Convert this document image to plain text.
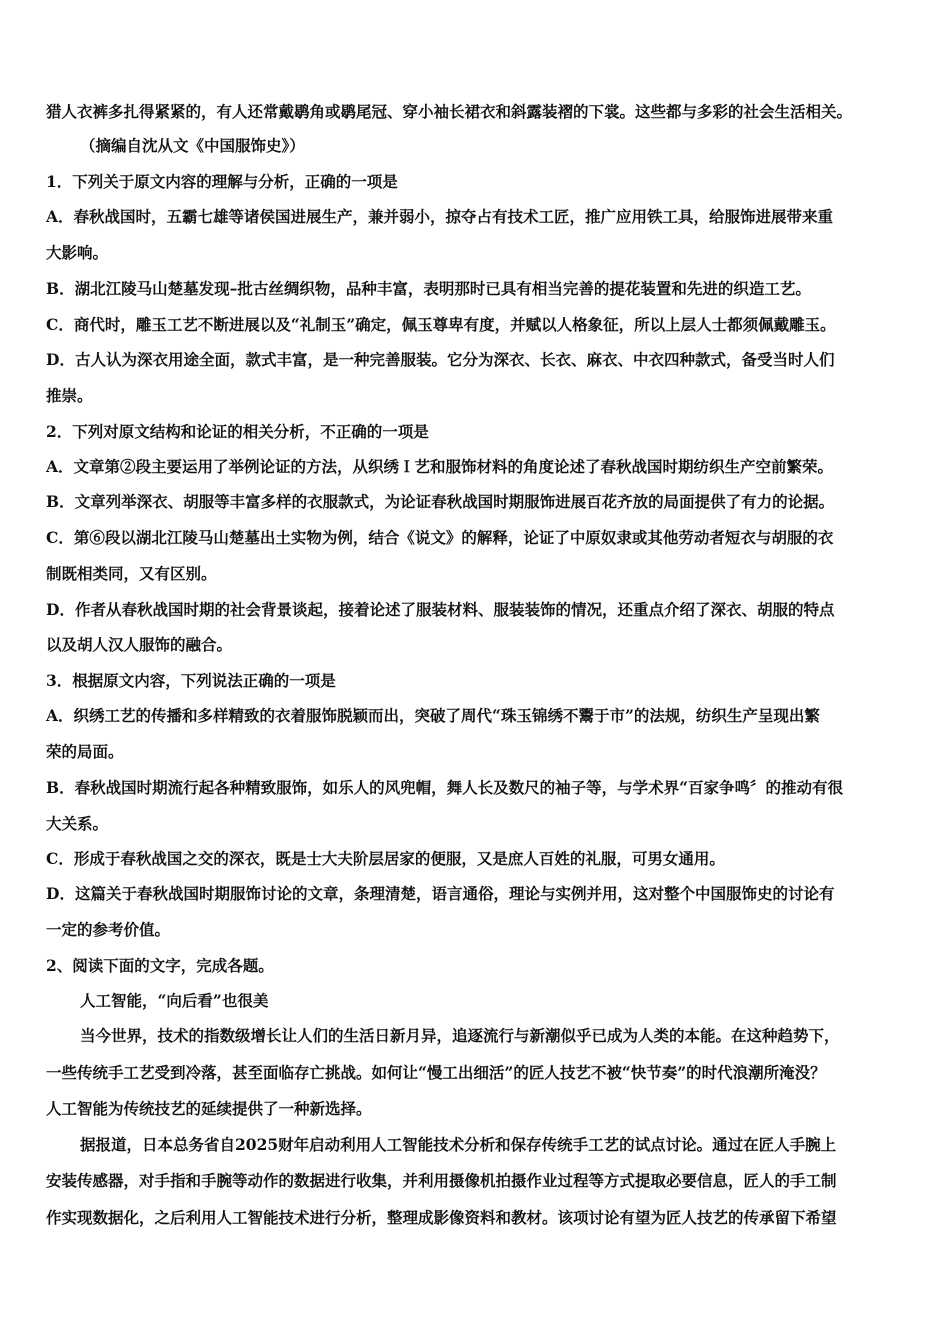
猎人衣裤多扎得紧紧的，有人还常戴鹖角或鹖尾冠、穿小袖长裙衣和斜露装褶的下裳。这些都与多彩的社会生活相关。
（摘编自沈从文《中国服饰史》）
1．下列关于原文内容的理解与分析，正确的一项是
A．春秋战国时，五霸七雄等诸侯国进展生产，兼并弱小，掠夺占有技术工匠，推广应用铁工具，给服饰进展带来重
大影响。
B．湖北江陵马山楚墓发现–批古丝绸织物，品种丰富，表明那时已具有相当完善的提花装置和先进的织造工艺。
C．商代时，雕玉工艺不断进展以及“礼制玉”确定，佩玉尊卑有度，并赋以人格象征，所以上层人士都须佩戴雕玉。
D．古人认为深衣用途全面，款式丰富，是一种完善服装。它分为深衣、长衣、麻衣、中衣四种款式，备受当时人们
推崇。
2．下列对原文结构和论证的相关分析，不正确的一项是
A．文章第②段主要运用了举例论证的方法，从织绣Ｉ艺和服饰材料的角度论述了春秋战国时期纺织生产空前繁荣。
B．文章列举深衣、胡服等丰富多样的衣服款式，为论证春秋战国时期服饰进展百花齐放的局面提供了有力的论据。
C．第⑥段以湖北江陵马山楚墓出土实物为例，结合《说文》的解释，论证了中原奴隶或其他劳动者短衣与胡服的衣
制既相类同，又有区别。
D．作者从春秋战国时期的社会背景谈起，接着论述了服装材料、服装装饰的情况，还重点介绍了深衣、胡服的特点
以及胡人汉人服饰的融合。
3．根据原文内容，下列说法正确的一项是
A．织绣工艺的传播和多样精致的衣着服饰脱颖而出，突破了周代“珠玉锦绣不鬻于市”的法规，纺织生产呈现出繁
荣的局面。
B．春秋战国时期流行起各种精致服饰，如乐人的风兜帽，舞人长及数尺的袖子等，与学术界“百家争鸣〞的推动有很
大关系。
C．形成于春秋战国之交的深衣，既是士大夫阶层居家的便服，又是庶人百姓的礼服，可男女通用。
D．这篇关于春秋战国时期服饰讨论的文章，条理清楚，语言通俗，理论与实例并用，这对整个中国服饰史的讨论有
一定的参考价值。
2、阅读下面的文字，完成各题。
人工智能，“向后看”也很美
当今世界，技术的指数级增长让人们的生活日新月异，追逐流行与新潮似乎已成为人类的本能。在这种趋势下，
一些传统手工艺受到冷落，甚至面临存亡挑战。如何让“慢工出细活”的匠人技艺不被“快节奏”的时代浪潮所淹没？
人工智能为传统技艺的延续提供了一种新选择。
据报道，日本总务省自2025财年启动利用人工智能技术分析和保存传统手工艺的试点讨论。通过在匠人手腕上
安装传感器，对手指和手腕等动作的数据进行收集，并利用摄像机拍摄作业过程等方式提取必要信息，匠人的手工制
作实现数据化，之后利用人工智能技术进行分析，整理成影像资料和教材。该项讨论有望为匠人技艺的传承留下希望
